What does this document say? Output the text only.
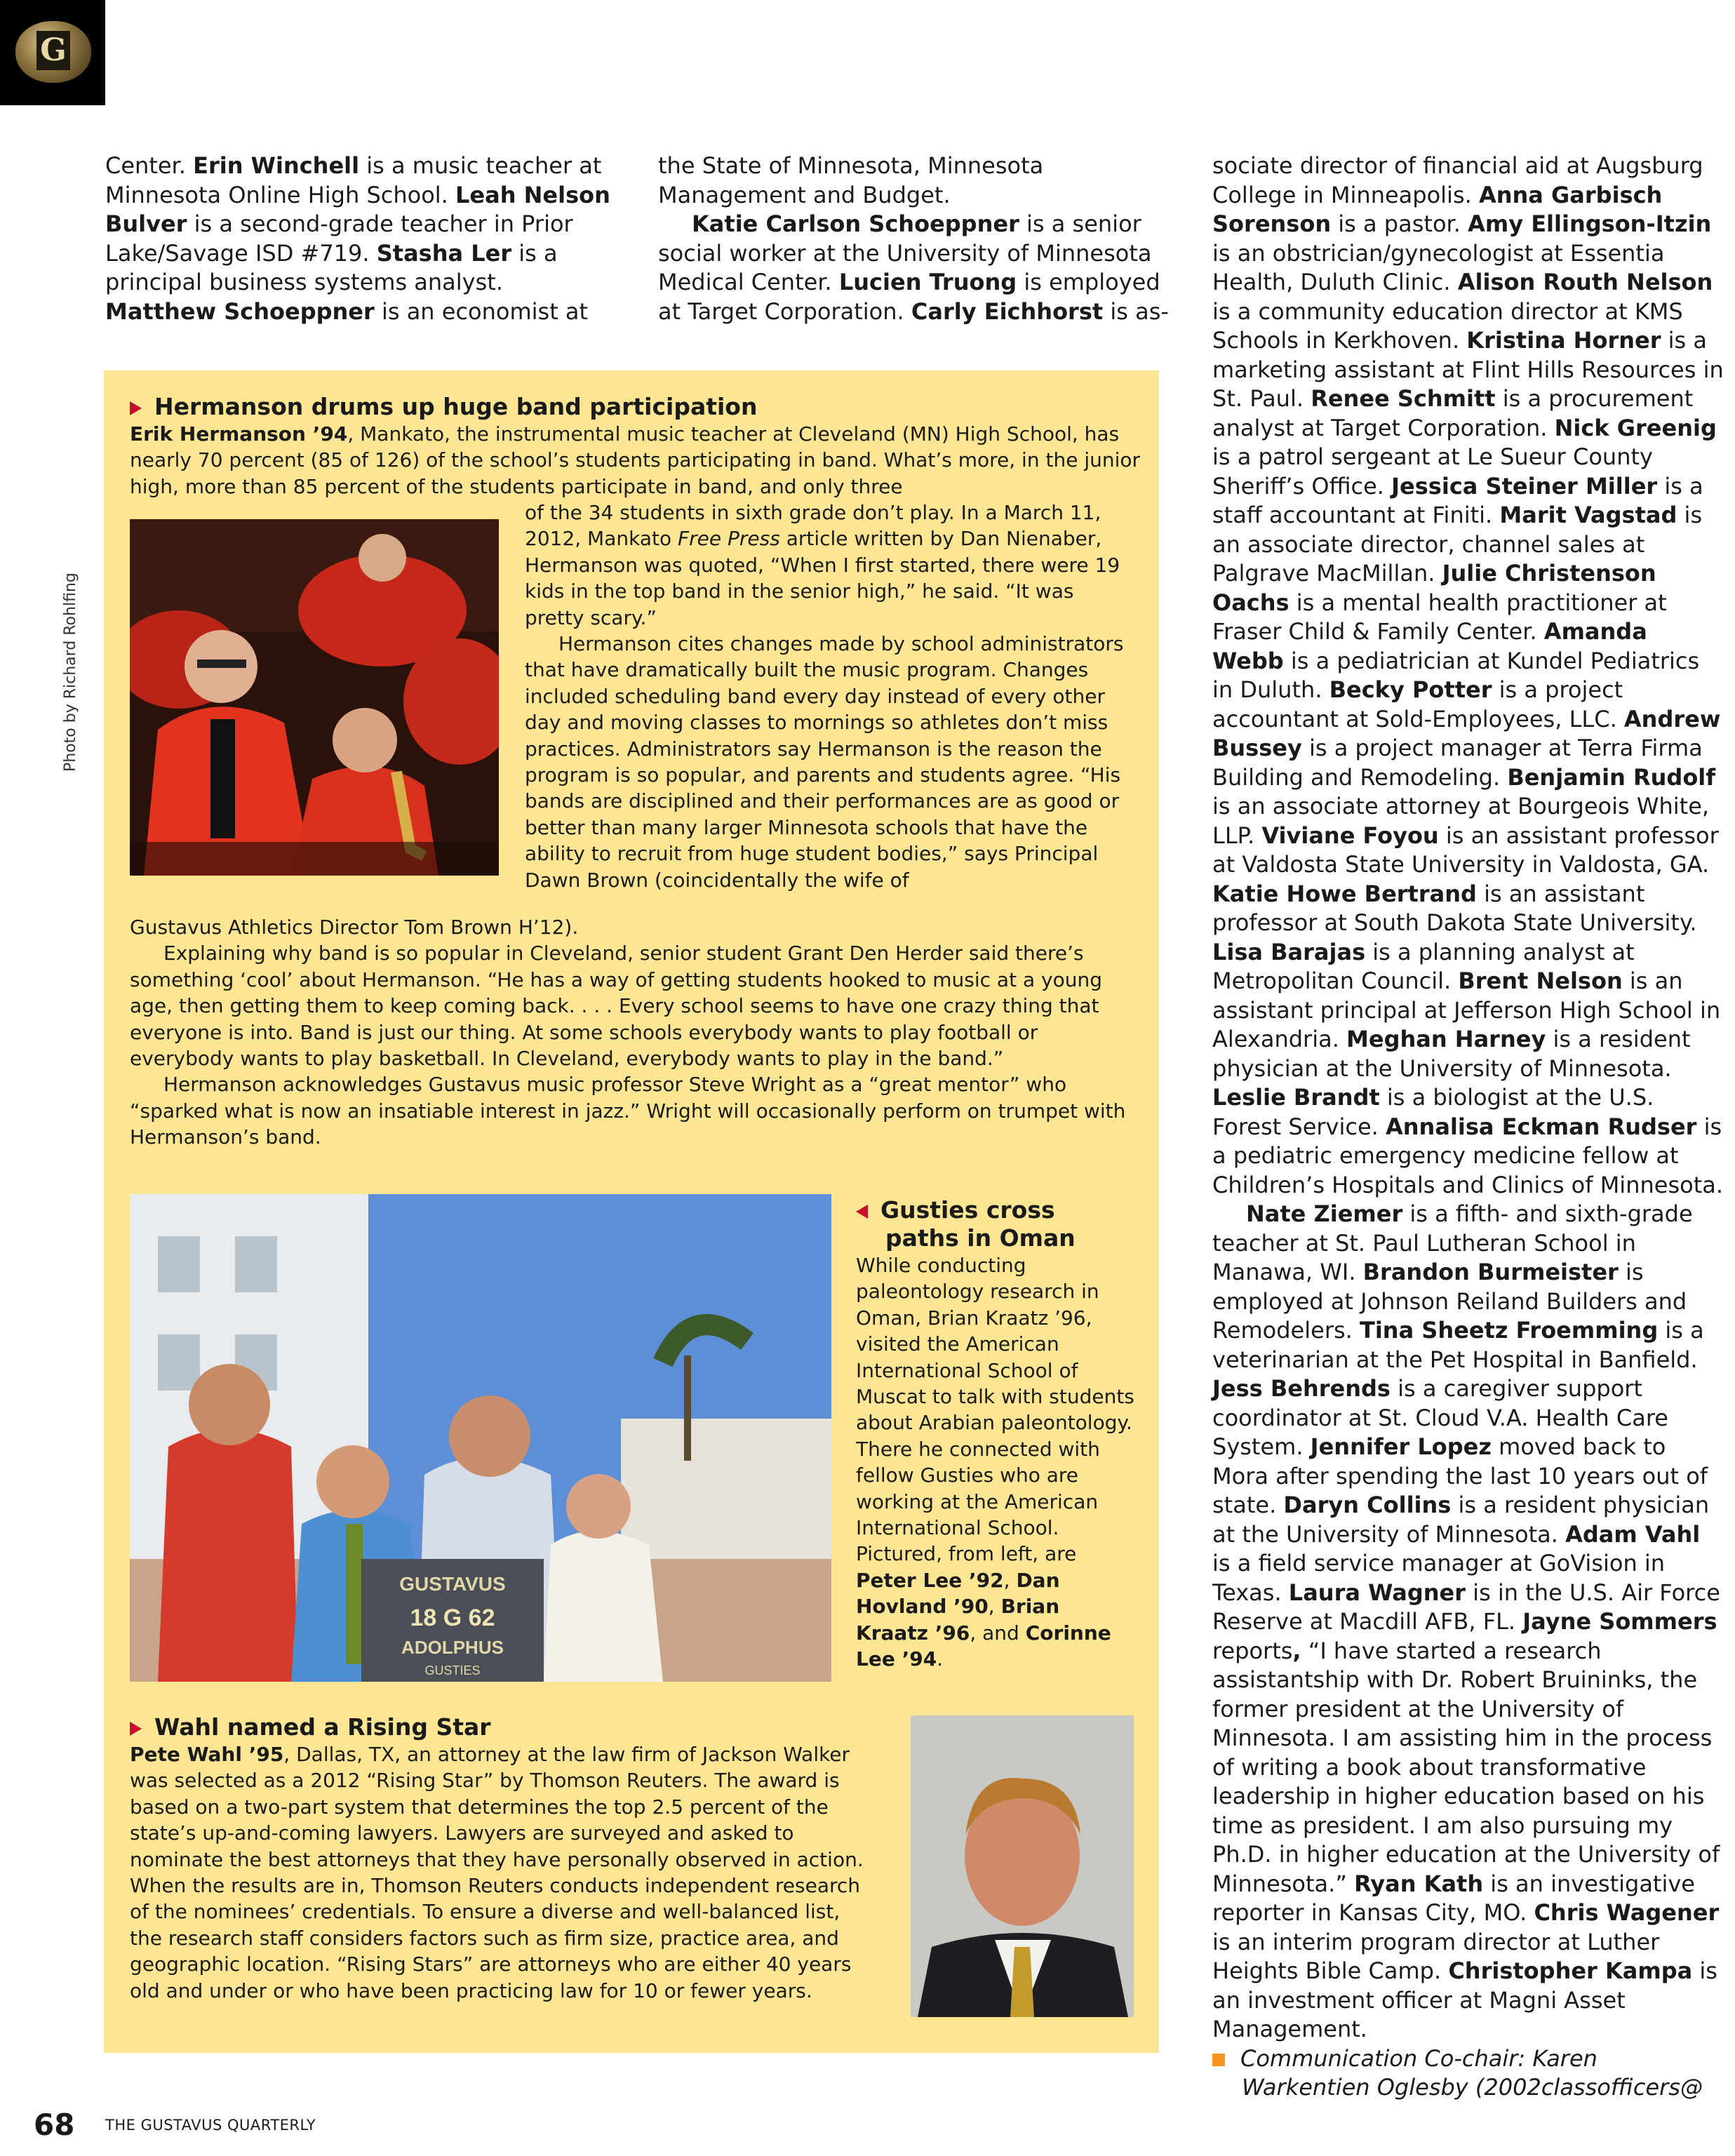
G

Center. Erin Winchell is a music teacher at Minnesota Online High School. Leah Nelson Bulver is a second-grade teacher in Prior Lake/Savage ISD #719. Stasha Ler is a principal business systems analyst. Matthew Schoeppner is an economist at

the State of Minnesota, Minnesota Management and Budget.

Katie Carlson Schoeppner is a senior social worker at the University of Minnesota Medical Center. Lucien Truong is employed at Target Corporation. Carly Eichhorst is as-

sociate director of financial aid at Augsburg College in Minneapolis. Anna Garbisch Sorenson is a pastor. Amy Ellingson-Itzin is an obstrician/gynecologist at Essentia Health, Duluth Clinic. Alison Routh Nelson is a community education director at KMS Schools in Kerkhoven. Kristina Horner is a marketing assistant at Flint Hills Resources in St. Paul. Renee Schmitt is a procurement analyst at Target Corporation. Nick Greenig is a patrol sergeant at Le Sueur County Sheriff’s Office. Jessica Steiner Miller is a staff accountant at Finiti. Marit Vagstad is an associate director, channel sales at Palgrave MacMillan. Julie Christenson Oachs is a mental health practitioner at Fraser Child & Family Center. Amanda Webb is a pediatrician at Kundel Pediatrics in Duluth. Becky Potter is a project accountant at Sold-Employees, LLC. Andrew Bussey is a project manager at Terra Firma Building and Remodeling. Benjamin Rudolf is an associate attorney at Bourgeois White, LLP. Viviane Foyou is an assistant professor at Valdosta State University in Valdosta, GA. Katie Howe Bertrand is an assistant professor at South Dakota State University. Lisa Barajas is a planning analyst at Metropolitan Council. Brent Nelson is an assistant principal at Jefferson High School in Alexandria. Meghan Harney is a resident physician at the University of Minnesota. Leslie Brandt is a biologist at the U.S. Forest Service. Annalisa Eckman Rudser is a pediatric emergency medicine fellow at Children’s Hospitals and Clinics of Minnesota.

Nate Ziemer is a fifth- and sixth-grade teacher at St. Paul Lutheran School in Manawa, WI. Brandon Burmeister is employed at Johnson Reiland Builders and Remodelers. Tina Sheetz Froemming is a veterinarian at the Pet Hospital in Banfield. Jess Behrends is a caregiver support coordinator at St. Cloud V.A. Health Care System. Jennifer Lopez moved back to Mora after spending the last 10 years out of state. Daryn Collins is a resident physician at the University of Minnesota. Adam Vahl is a field service manager at GoVision in Texas. Laura Wagner is in the U.S. Air Force Reserve at Macdill AFB, FL. Jayne Sommers reports, “I have started a research assistantship with Dr. Robert Bruininks, the former president at the University of Minnesota. I am assisting him in the process of writing a book about transformative leadership in higher education based on his time as president. I am also pursuing my Ph.D. in higher education at the University of Minnesota.” Ryan Kath is an investigative reporter in Kansas City, MO. Chris Wagener is an interim program director at Luther Heights Bible Camp. Christopher Kampa is an investment officer at Magni Asset Management.

Communication Co-chair: Karen Warkentien Oglesby (2002classofficers@

Photo by Richard Rohlfing
Hermanson drums up huge band participation

Erik Hermanson ’94, Mankato, the instrumental music teacher at Cleveland (MN) High School, has nearly 70 percent (85 of 126) of the school’s students participating in band. What’s more, in the junior high, more than 85 percent of the students participate in band, and only three

of the 34 students in sixth grade don’t play. In a March 11, 2012, Mankato Free Press article written by Dan Nienaber, Hermanson was quoted, “When I first started, there were 19 kids in the top band in the senior high,” he said. “It was pretty scary.”

Hermanson cites changes made by school administrators that have dramatically built the music program. Changes included scheduling band every day instead of every other day and moving classes to mornings so athletes don’t miss practices. Administrators say Hermanson is the reason the program is so popular, and parents and students agree. “His bands are disciplined and their performances are as good or better than many larger Minnesota schools that have the ability to recruit from huge student bodies,” says Principal Dawn Brown (coincidentally the wife of

Gustavus Athletics Director Tom Brown H’12).

Explaining why band is so popular in Cleveland, senior student Grant Den Herder said there’s something ‘cool’ about Hermanson. “He has a way of getting students hooked to music at a young age, then getting them to keep coming back. . . . Every school seems to have one crazy thing that everyone is into. Band is just our thing. At some schools everybody wants to play football or everybody wants to play basketball. In Cleveland, everybody wants to play in the band.”

Hermanson acknowledges Gustavus music professor Steve Wright as a “great mentor” who “sparked what is now an insatiable interest in jazz.” Wright will occasionally perform on trumpet with Hermanson’s band.

GUSTAVUS
18 G 62
ADOLPHUS
GUSTIES
Gusties cross
paths in Oman

While conducting paleontology research in Oman, Brian Kraatz ’96, visited the American International School of Muscat to talk with students about Arabian paleontology. There he connected with fellow Gusties who are working at the American International School. Pictured, from left, are Peter Lee ’92, Dan Hovland ’90, Brian Kraatz ’96, and Corinne Lee ’94.

Wahl named a Rising Star

Pete Wahl ’95, Dallas, TX, an attorney at the law firm of Jackson Walker was selected as a 2012 “Rising Star” by Thomson Reuters. The award is based on a two-part system that determines the top 2.5 percent of the state’s up-and-coming lawyers. Lawyers are surveyed and asked to nominate the best attorneys that they have personally observed in action. When the results are in, Thomson Reuters conducts independent research of the nominees’ credentials. To ensure a diverse and well-balanced list, the research staff considers factors such as firm size, practice area, and geographic location. “Rising Stars” are attorneys who are either 40 years old and under or who have been practicing law for 10 or fewer years.

68 THE GUSTAVUS QUARTERLY
